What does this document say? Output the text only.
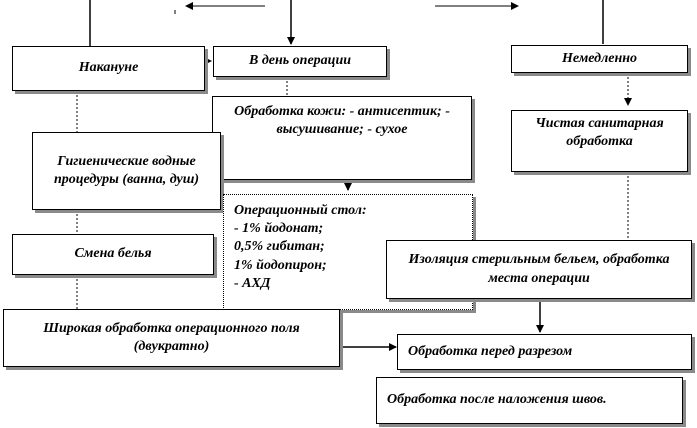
Накануне	В день операции	Немедленно
Обработка кожи: - антисептик; - высушивание; - сухое
Гигиенические водные процедуры (ванна, душ)
Чистая санитарная обработка
Операционный стол:
- 1% йодонат;
0,5% гибитан;
1% йодопирон;
- АХД
Смена белья	Изоляция стерильным бельем, обработка места операции
Широкая обработка операционного поля (двукратно)	Обработка перед разрезом
Обработка после наложения швов.
